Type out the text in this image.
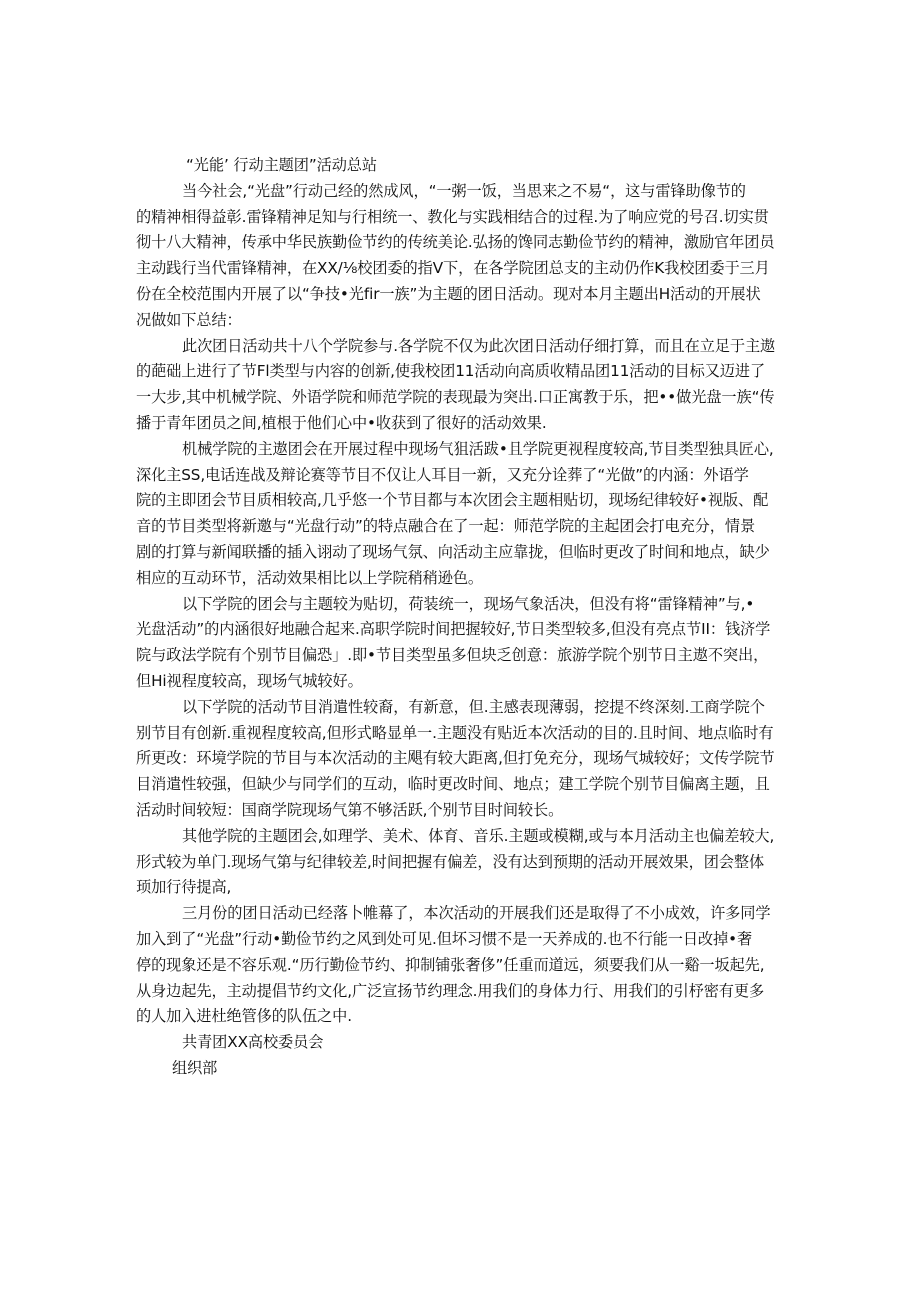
“光能’ 行动主题团”活动总站
当今社会,“光盘”行动己经的然成风，“一粥一饭，当思来之不易“，这与雷锋助像节的
的精神相得益彰.雷锋精神足知与行相统一、教化与实践相结合的过程.为了响应党的号召.切实贯
彻十八大精神，传承中华民族勤俭节约的传统美论.弘扬的馋同志勤俭节约的精神，激励官年团员
主动践行当代雷锋精神，在XX/⅛校团委的指V下，在各学院团总支的主动仍作K我校团委于三月
份在全校范围内开展了以“争技•光fir一族”为主题的团日活动。现对本月主题出H活动的开展状
况做如下总结：
此次团日活动共十八个学院参与.各学院不仅为此次团日活动仔细打算，而且在立足于主遨
的葩础上进行了节Fl类型与内容的创新,使我校团11活动向高质收精品团11活动的目标又迈进了
一大步,其中机械学院、外语学院和师范学院的表现最为突出.口正寓教于乐，把••做光盘一族“传
播于青年团员之间,植根于他们心中•收获到了很好的活动效果.
机械学院的主遨团会在开展过程中现场气狙活跋•且学院更视程度较高,节目类型独具匠心,
深化主SS,电话连战及辩论赛等节目不仅让人耳目一新，又充分诠葬了“光做”的内涵：外语学
院的主即团会节目质相较高,几乎悠一个节目都与本次团会主题相贴切，现场纪律较好•视版、配
音的节目类型将新邀与“光盘行动”的特点融合在了一起：师范学院的主起团会打电充分，情景
剧的打算与新闻联播的插入诩动了现场气氛、向活动主应靠拢，但临时更改了时间和地点，缺少
相应的互动环节，活动效果相比以上学院稍稍逊色。
以下学院的团会与主题较为贴切，荷装统一，现场气象活决，但没有将“雷锋精神”与,•
光盘活动”的内涵很好地融合起来.高职学院时间把握较好,节日类型较多,但没有亮点节II：钱济学
院与政法学院有个别节目偏恐」.即•节目类型虽多但块乏创意：旅游学院个别节日主遨不突出，
但Hi视程度较高，现场气城较好。
以下学院的活动节目消遣性较裔，有新意，但.主感表现薄弱，挖提不终深刻.工商学院个
别节目有创新.重视程度较高,但形式略显单一.主题没有贴近本次活动的目的.且时间、地点临时有
所更改：环境学院的节目与本次活动的主飓有较大距离,但打免充分，现场气城较好；文传学院节
目消遣性较强，但缺少与同学们的互动，临时更改时间、地点；建工学院个别节目偏离主题，且
活动时间较短：国商学院现场气第不够活跃,个别节目时间较长。
其他学院的主题团会,如理学、美术、体育、音乐.主题或模糊,或与本月活动主也偏差较大,
形式较为单门.现场气第与纪律较差,时间把握有偏差，没有达到预期的活动开展效果，团会整体
顼加行待提高,
三月份的团日活动已经落卜帷幕了，本次活动的开展我们还是取得了不小成效，许多同学
加入到了“光盘”行动•勤俭节约之风到处可见.但坏习惯不是一天养成的.也不行能一日改掉•奢
停的现象还是不容乐观.“历行勤俭节约、抑制铺张奢侈”任重而道远，须要我们从一谿一坂起先,
从身边起先，主动提倡节约文化,广泛宣扬节约理念.用我们的身体力行、用我们的引杼密有更多
的人加入进杜绝管侈的队伍之中.
共青团XX高校委员会
组织部
